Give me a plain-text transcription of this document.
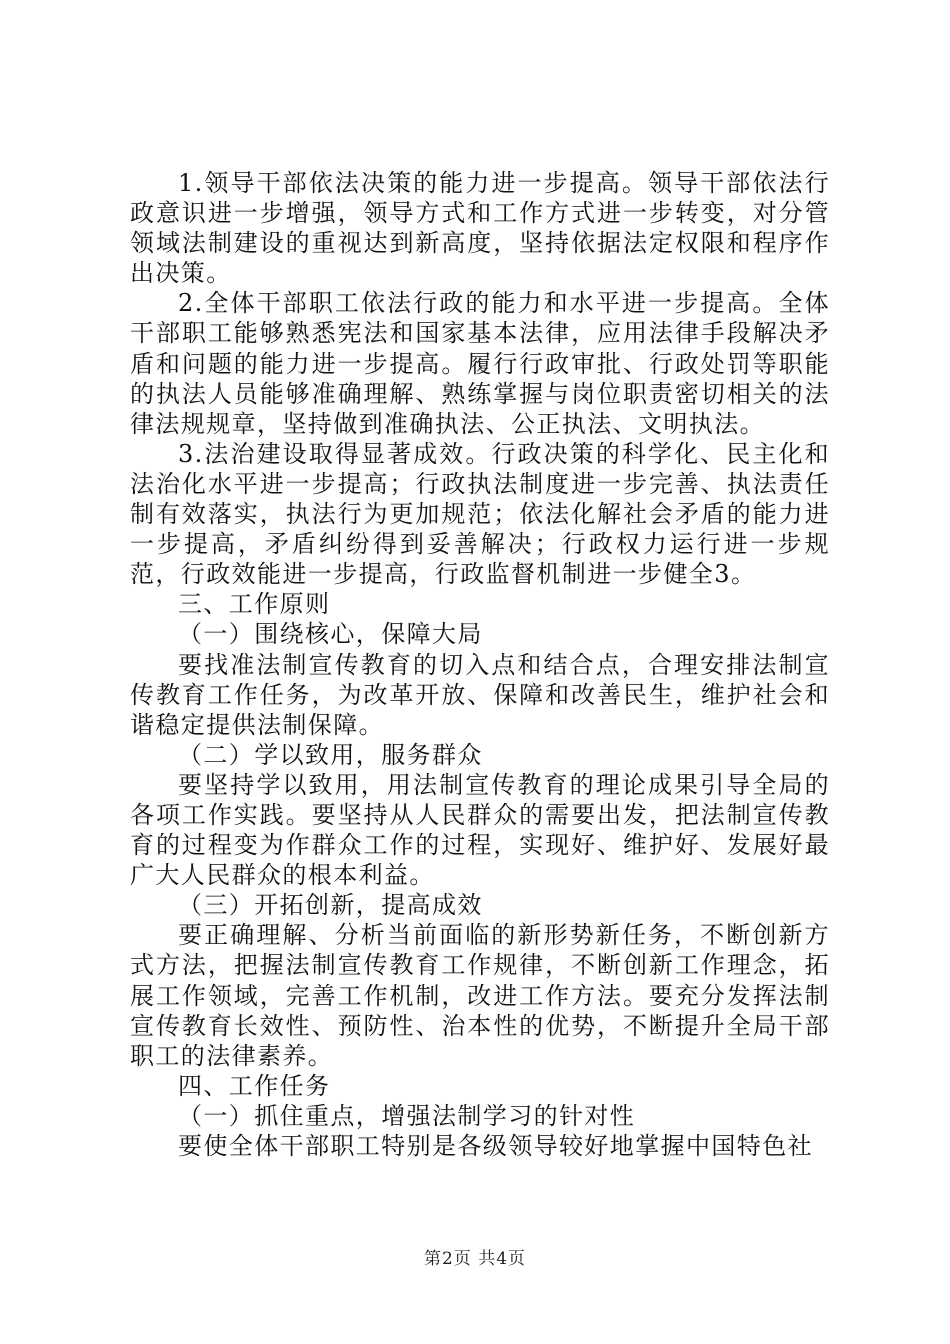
1.领导干部依法决策的能力进一步提高。领导干部依法行政意识进一步增强，领导方式和工作方式进一步转变，对分管领域法制建设的重视达到新高度，坚持依据法定权限和程序作出决策。

2.全体干部职工依法行政的能力和水平进一步提高。全体干部职工能够熟悉宪法和国家基本法律，应用法律手段解决矛盾和问题的能力进一步提高。履行行政审批、行政处罚等职能的执法人员能够准确理解、熟练掌握与岗位职责密切相关的法律法规规章，坚持做到准确执法、公正执法、文明执法。

3.法治建设取得显著成效。行政决策的科学化、民主化和法治化水平进一步提高；行政执法制度进一步完善、执法责任制有效落实，执法行为更加规范；依法化解社会矛盾的能力进一步提高，矛盾纠纷得到妥善解决；行政权力运行进一步规范，行政效能进一步提高，行政监督机制进一步健全3。

三、工作原则

（一）围绕核心，保障大局

要找准法制宣传教育的切入点和结合点，合理安排法制宣传教育工作任务，为改革开放、保障和改善民生，维护社会和谐稳定提供法制保障。

（二）学以致用，服务群众

要坚持学以致用，用法制宣传教育的理论成果引导全局的各项工作实践。要坚持从人民群众的需要出发，把法制宣传教育的过程变为作群众工作的过程，实现好、维护好、发展好最广大人民群众的根本利益。

（三）开拓创新，提高成效

要正确理解、分析当前面临的新形势新任务，不断创新方式方法，把握法制宣传教育工作规律，不断创新工作理念，拓展工作领域，完善工作机制，改进工作方法。要充分发挥法制宣传教育长效性、预防性、治本性的优势，不断提升全局干部职工的法律素养。

四、工作任务

（一）抓住重点，增强法制学习的针对性

要使全体干部职工特别是各级领导较好地掌握中国特色社

第2页 共4页
